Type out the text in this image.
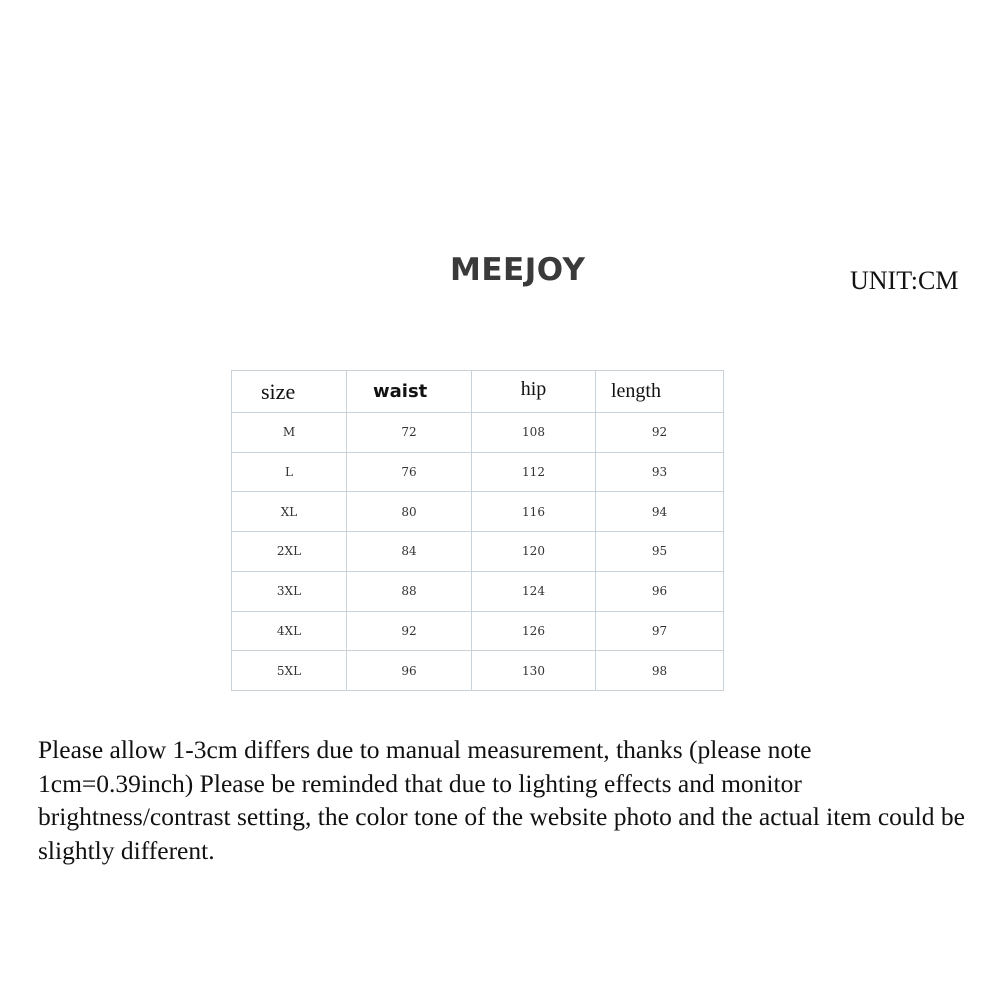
MEEJOY	UNIT:CM
size	waist	hip	length
M	72	108	92
L	76	112	93
XL	80	116	94
2XL	84	120	95
3XL	88	124	96
4XL	92	126	97
5XL	96	130	98

Please allow 1-3cm differs due to manual measurement, thanks (please note 1cm=0.39inch) Please be reminded that due to lighting effects and monitor brightness/contrast setting, the color tone of the website photo and the actual item could be slightly different.
